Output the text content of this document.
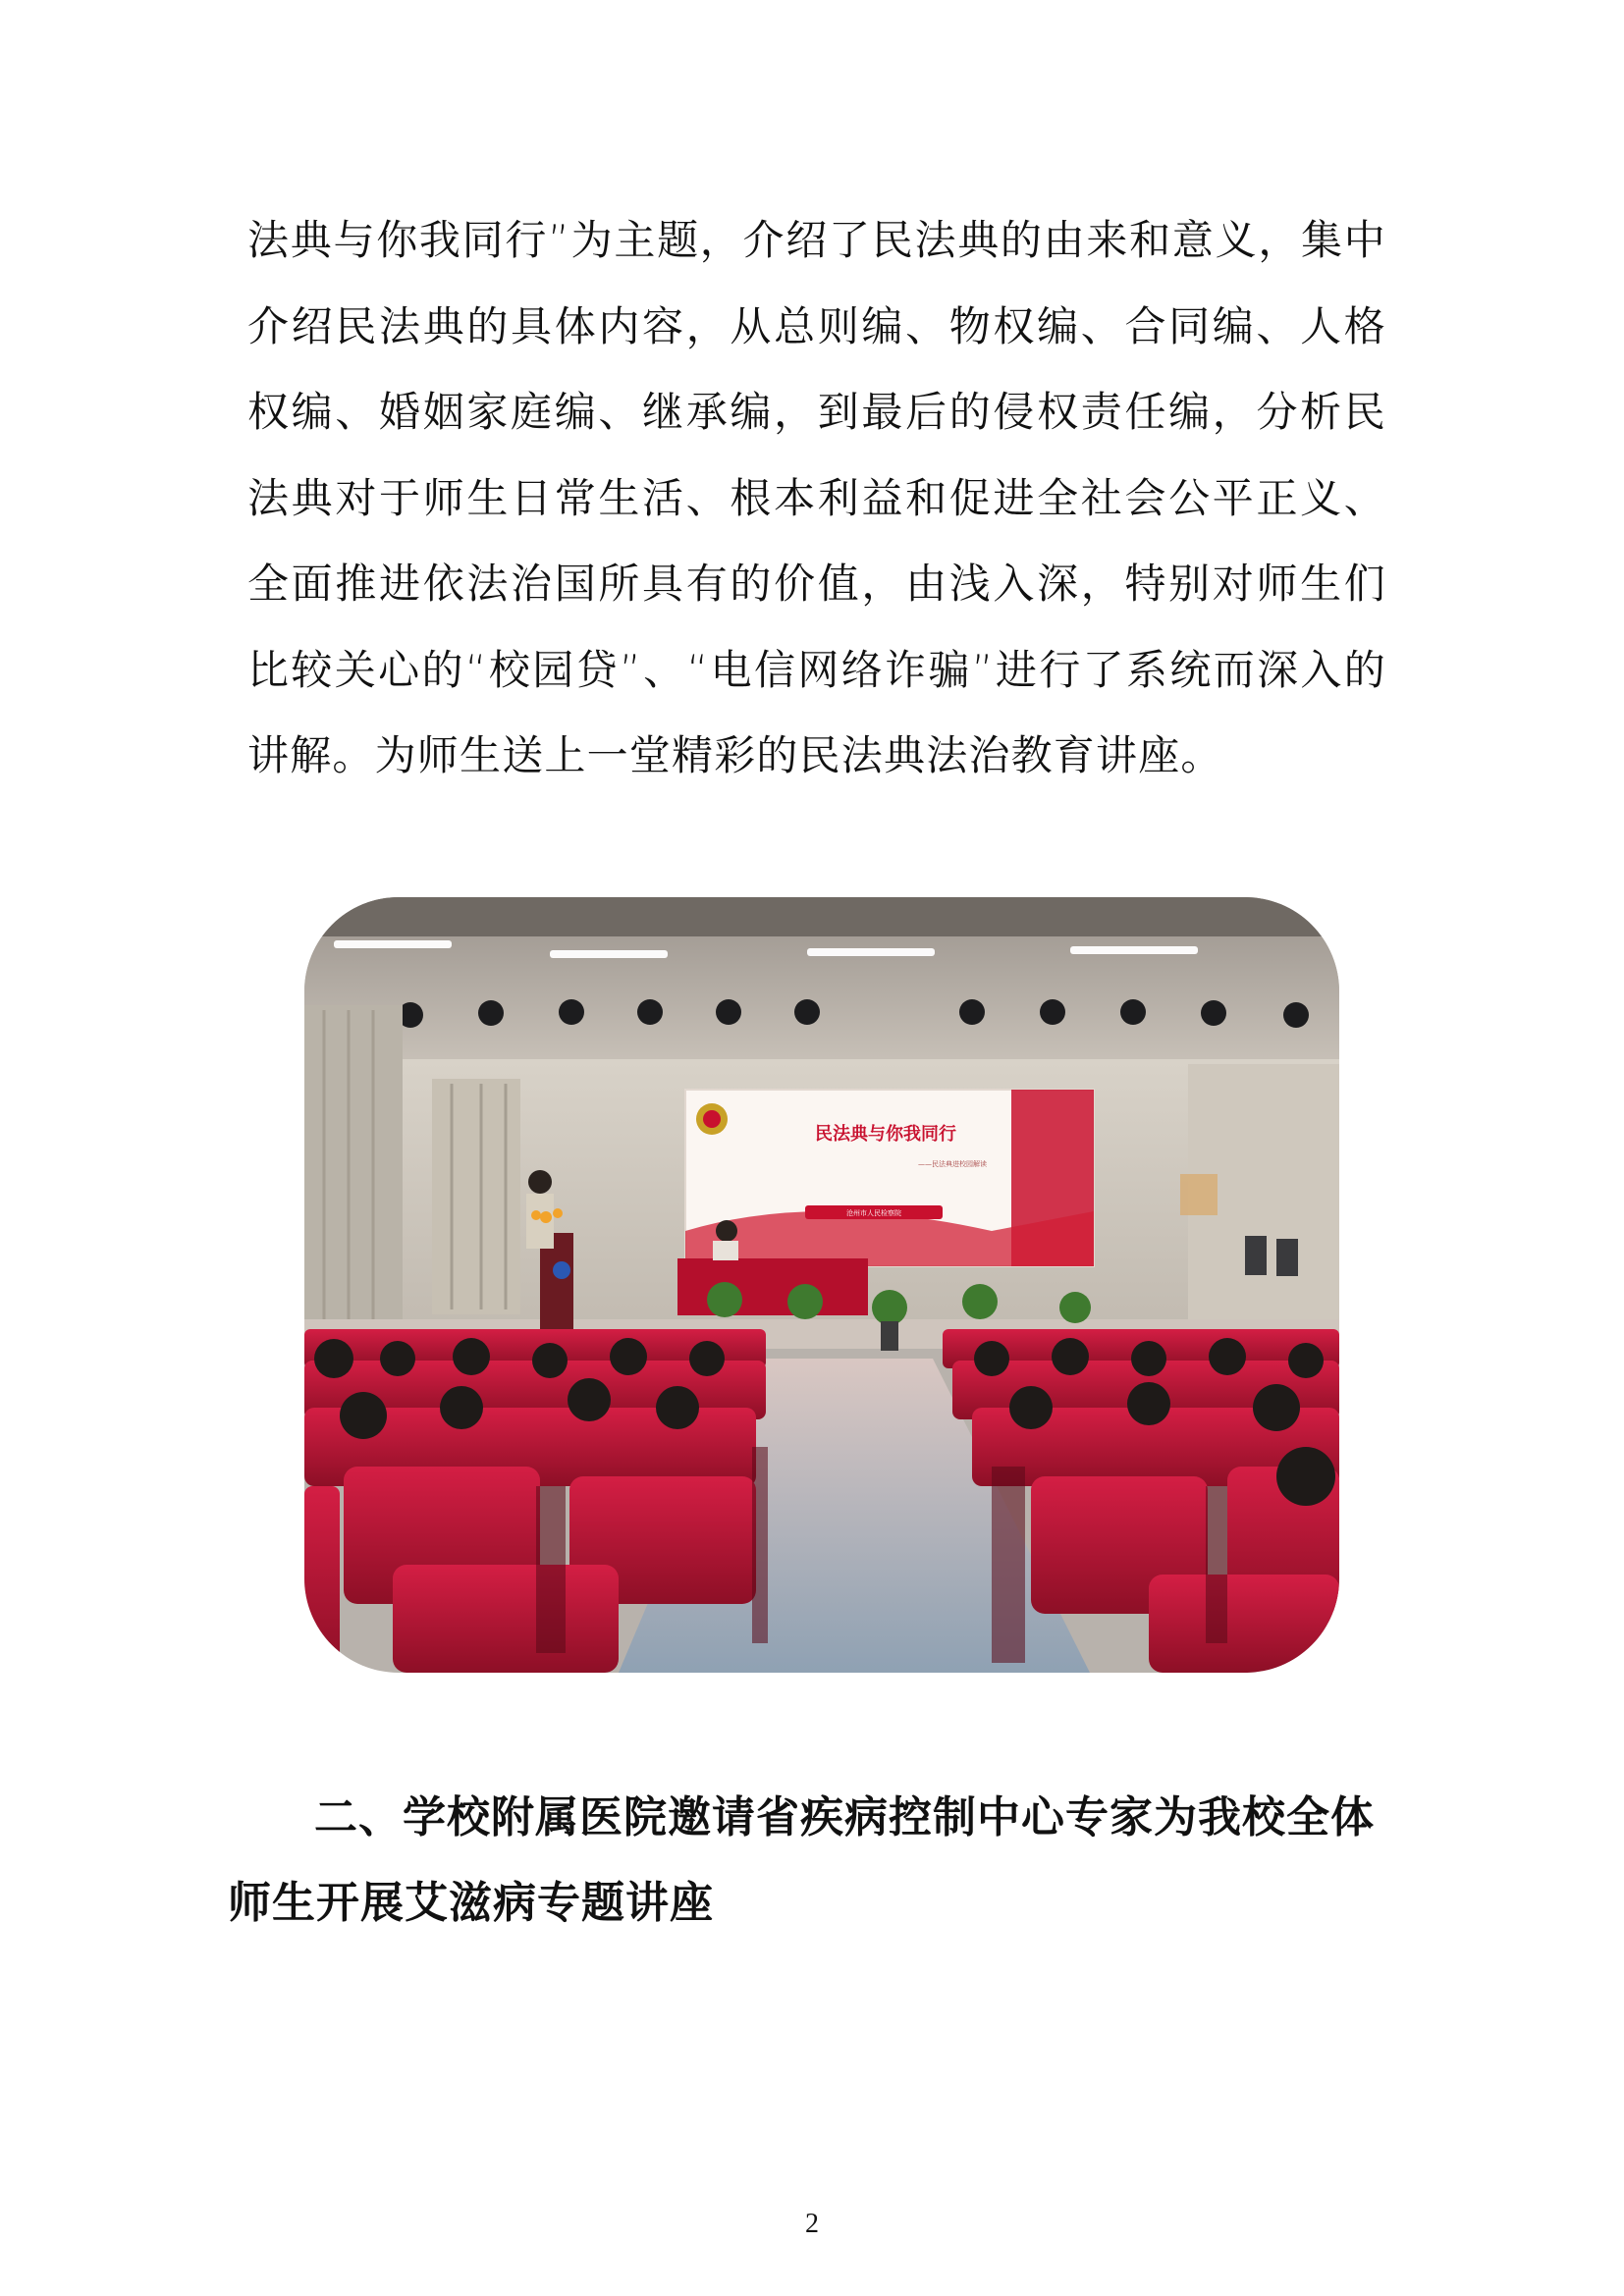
法典与你我同行”为主题，介绍了民法典的由来和意义，集中介绍民法典的具体内容，从总则编、物权编、合同编、人格权编、婚姻家庭编、继承编，到最后的侵权责任编，分析民法典对于师生日常生活、根本利益和促进全社会公平正义、全面推进依法治国所具有的价值，由浅入深，特别对师生们比较关心的“校园贷”、“电信网络诈骗”进行了系统而深入的讲解。为师生送上一堂精彩的民法典法治教育讲座。

民法典与你我同行
——民法典进校园解读
沧州市人民检察院

二、学校附属医院邀请省疾病控制中心专家为我校全体师生开展艾滋病专题讲座

2
